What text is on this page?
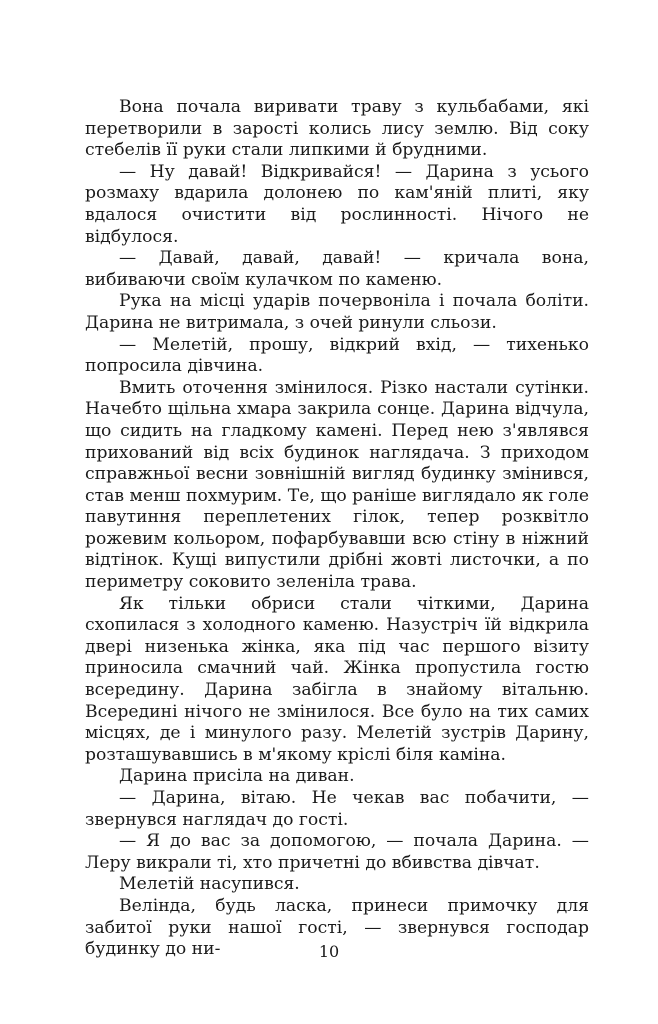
Вона почала виривати траву з кульбабами, які перетворили в зарості колись лису землю. Від соку стебелів її руки стали липкими й брудними.

— Ну давай! Відкривайся! — Дарина з усього розмаху вдарила долонею по кам'яній плиті, яку вдалося очистити від рослинності. Нічого не відбулося.

— Давай, давай, давай! — кричала вона, вибиваючи своїм кулачком по каменю.

Рука на місці ударів почервоніла і почала боліти. Дарина не витримала, з очей ринули сльози.

— Мелетій, прошу, відкрий вхід, — тихенько попросила дівчина.

Вмить оточення змінилося. Різко настали сутінки. Начебто щільна хмара закрила сонце. Дарина відчула, що сидить на гладкому камені. Перед нею з'являвся прихований від всіх будинок наглядача. З приходом справжньої весни зовнішній вигляд будинку змінився, став менш похмурим. Те, що раніше виглядало як голе павутиння переплетених гілок, тепер розквітло рожевим кольором, пофарбувавши всю стіну в ніжний відтінок. Кущі випустили дрібні жовті листочки, а по периметру соковито зеленіла трава.

Як тільки обриси стали чіткими, Дарина схопилася з холодного каменю. Назустріч їй відкрила двері низенька жінка, яка під час першого візиту приносила смачний чай. Жінка пропустила гостю всередину. Дарина забігла в знайому вітальню. Всередині нічого не змінилося. Все було на тих самих місцях, де і минулого разу. Мелетій зустрів Дарину, розташувавшись в м'якому кріслі біля каміна.

Дарина присіла на диван.

— Дарина, вітаю. Не чекав вас побачити, — звернувся наглядач до гості.

— Я до вас за допомогою, — почала Дарина. — Леру викрали ті, хто причетні до вбивства дівчат.

Мелетій насупився.

Велінда, будь ласка, принеси примочку для забитої руки нашої гості, — звернувся господар будинку до ни-	10
